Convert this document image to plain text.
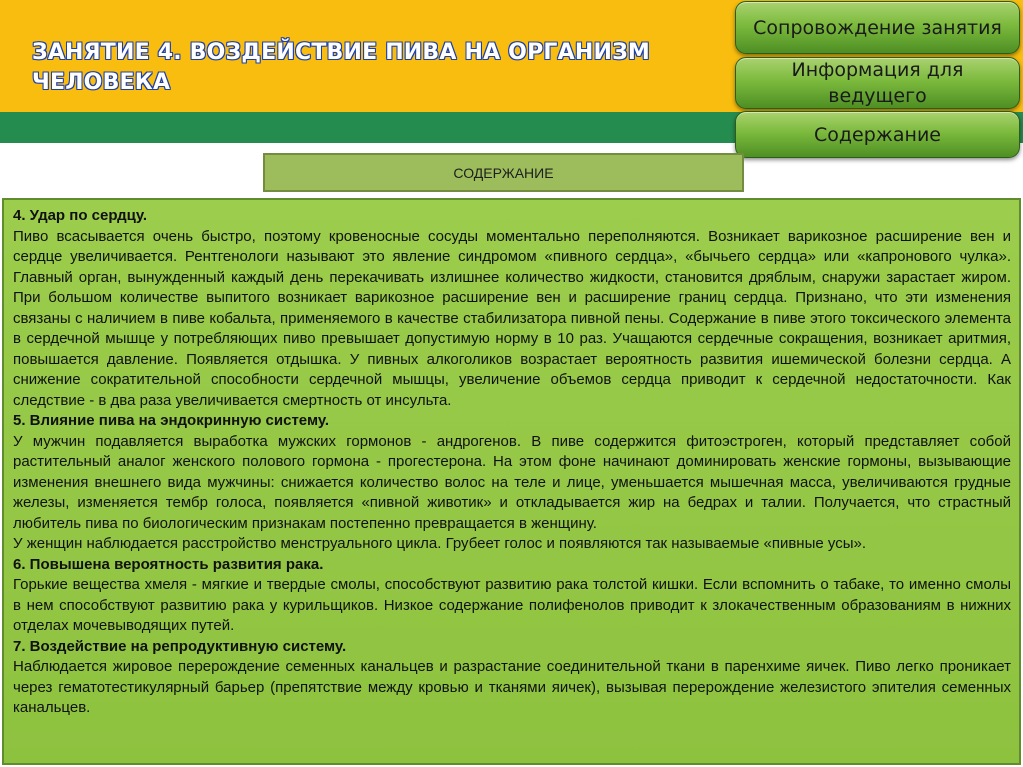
ЗАНЯТИЕ 4. ВОЗДЕЙСТВИЕ ПИВА НА ОРГАНИЗМ ЧЕЛОВЕКА
Сопровождение занятия
Информация для ведущего
Содержание
СОДЕРЖАНИЕ

4. Удар по сердцу.

Пиво всасывается очень быстро, поэтому кровеносные сосуды моментально переполняются. Возникает варикозное расширение вен и сердце увеличивается. Рентгенологи называют это явление синдромом «пивного сердца», «бычьего сердца» или «капронового чулка». Главный орган, вынужденный каждый день перекачивать излишнее количество жидкости, становится дряблым, снаружи зарастает жиром. При большом количестве выпитого возникает варикозное расширение вен и расширение границ сердца. Признано, что эти изменения связаны с наличием в пиве кобальта, применяемого в качестве стабилизатора пивной пены. Содержание в пиве этого токсического элемента в сердечной мышце у потребляющих пиво превышает допустимую норму в 10 раз. Учащаются сердечные сокращения, возникает аритмия, повышается давление. Появляется отдышка. У пивных алкоголиков возрастает вероятность развития ишемической болезни сердца. А снижение сократительной способности сердечной мышцы, увеличение объемов сердца приводит к сердечной недостаточности. Как следствие - в два раза увеличивается смертность от инсульта.

5. Влияние пива на эндокринную систему.

У мужчин подавляется выработка мужских гормонов - андрогенов. В пиве содержится фитоэстроген, который представляет собой растительный аналог женского полового гормона - прогестерона. На этом фоне начинают доминировать женские гормоны, вызывающие изменения внешнего вида мужчины: снижается количество волос на теле и лице, уменьшается мышечная масса, увеличиваются грудные железы, изменяется тембр голоса, появляется «пивной животик» и откладывается жир на бедрах и талии. Получается, что страстный любитель пива по биологическим признакам постепенно превращается в женщину.

У женщин наблюдается расстройство менструального цикла. Грубеет голос и появляются так называемые «пивные усы».

6. Повышена вероятность развития рака.

Горькие вещества хмеля - мягкие и твердые смолы, способствуют развитию рака толстой кишки. Если вспомнить о табаке, то именно смолы в нем способствуют развитию рака у курильщиков. Низкое содержание полифенолов приводит к злокачественным образованиям в нижних отделах мочевыводящих путей.

7. Воздействие на репродуктивную систему.

Наблюдается жировое перерождение семенных канальцев и разрастание соединительной ткани в паренхиме яичек. Пиво легко проникает через гематотестикулярный барьер (препятствие между кровью и тканями яичек), вызывая перерождение железистого эпителия семенных канальцев.
